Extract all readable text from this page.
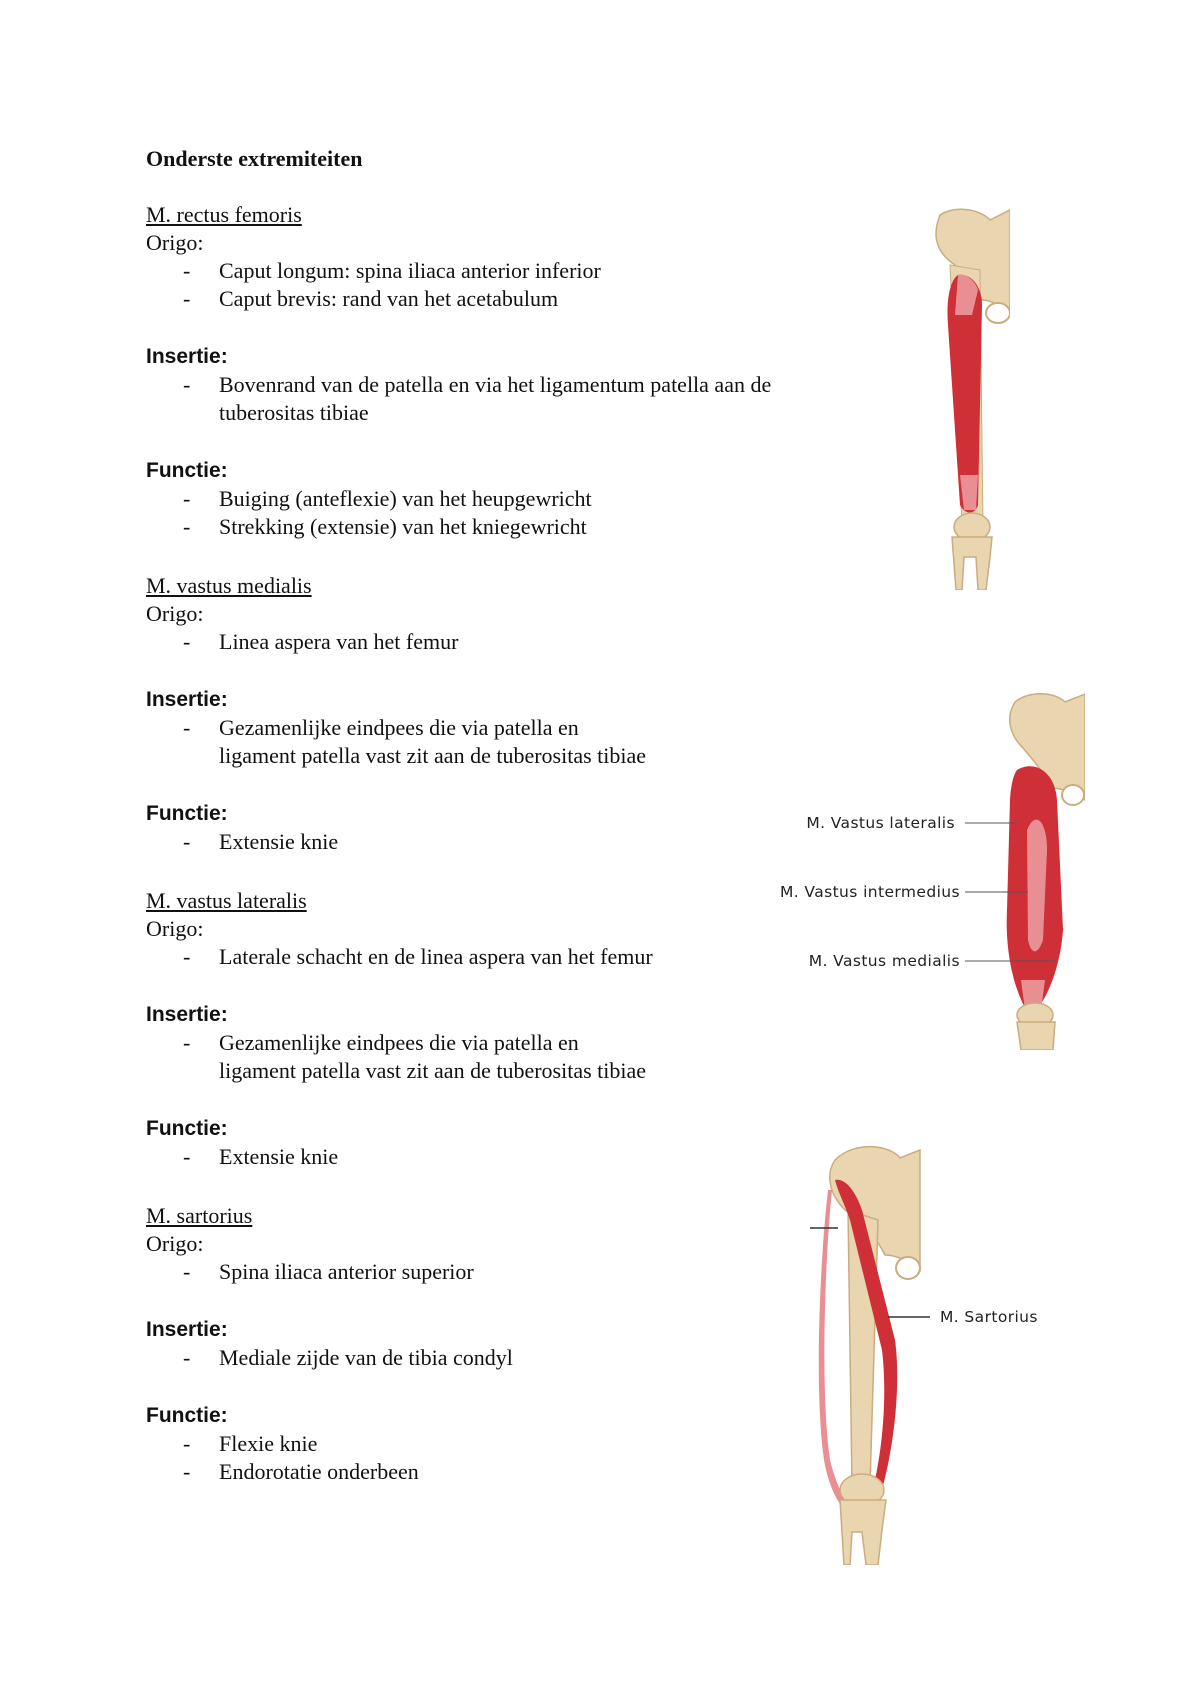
Onderste extremiteiten
M. rectus femoris
Origo:
- Caput longum: spina iliaca anterior inferior
- Caput brevis: rand van het acetabulum
Insertie:
- Bovenrand van de patella en via het ligamentum patella aan de tuberositas tibiae
Functie:
- Buiging (anteflexie) van het heupgewricht
- Strekking (extensie) van het kniegewricht
M. vastus medialis
Origo:
- Linea aspera van het femur
Insertie:
- Gezamenlijke eindpees die via patella en ligament patella vast zit aan de tuberositas tibiae
Functie:
- Extensie knie
M. vastus lateralis
Origo:
- Laterale schacht en de linea aspera van het femur
Insertie:
- Gezamenlijke eindpees die via patella en ligament patella vast zit aan de tuberositas tibiae
Functie:
- Extensie knie
M. sartorius
Origo:
- Spina iliaca anterior superior
Insertie:
- Mediale zijde van de tibia condyl
Functie:
- Flexie knie
- Endorotatie onderbeen
M. Vastus lateralis
M. Vastus intermedius
M. Vastus medialis
M. Sartorius
